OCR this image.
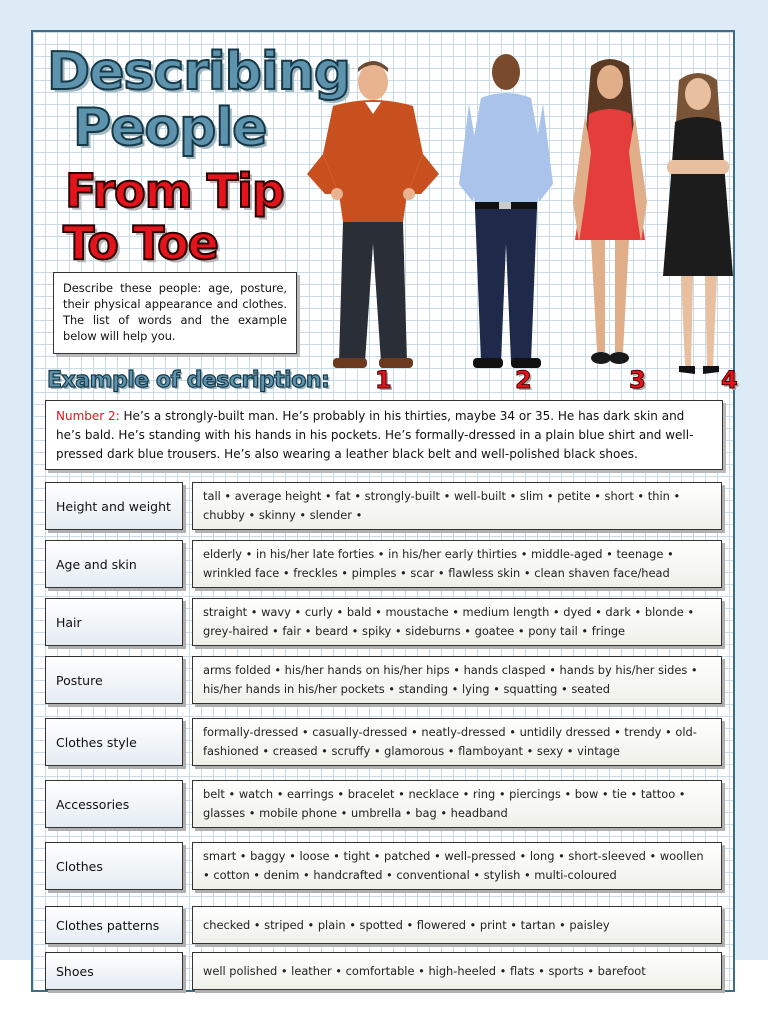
Describing
People
From Tip
To Toe
Describe these people: age, posture, their physical appearance and clothes. The list of words and the example below will help you.
1	2	3	4
Example of description:
Number 2: He’s a strongly-built man. He’s probably in his thirties, maybe 34 or 35. He has dark skin and he’s bald. He’s standing with his hands in his pockets. He’s formally-dressed in a plain blue shirt and well-pressed dark blue trousers. He’s also wearing a leather black belt and well-polished black shoes.
Height and weight
tall • average height • fat • strongly-built • well-built • slim • petite • short • thin • chubby • skinny • slender •
Age and skin
elderly • in his/her late forties • in his/her early thirties • middle-aged • teenage • wrinkled face • freckles • pimples • scar • flawless skin • clean shaven face/head
Hair
straight • wavy • curly • bald • moustache • medium length • dyed • dark • blonde • grey-haired • fair • beard • spiky • sideburns • goatee • pony tail • fringe
Posture
arms folded • his/her hands on his/her hips • hands clasped • hands by his/her sides • his/her hands in his/her pockets • standing • lying • squatting • seated
Clothes style
formally-dressed • casually-dressed • neatly-dressed • untidily dressed • trendy • old-fashioned • creased • scruffy • glamorous • flamboyant • sexy • vintage
Accessories
belt • watch • earrings • bracelet • necklace • ring • piercings • bow • tie • tattoo • glasses • mobile phone • umbrella • bag • headband
Clothes
smart • baggy • loose • tight • patched • well-pressed • long • short-sleeved • woollen • cotton • denim • handcrafted • conventional • stylish • multi-coloured
Clothes patterns	checked • striped • plain • spotted • flowered • print • tartan • paisley
Shoes	well polished • leather • comfortable • high-heeled • flats • sports • barefoot
